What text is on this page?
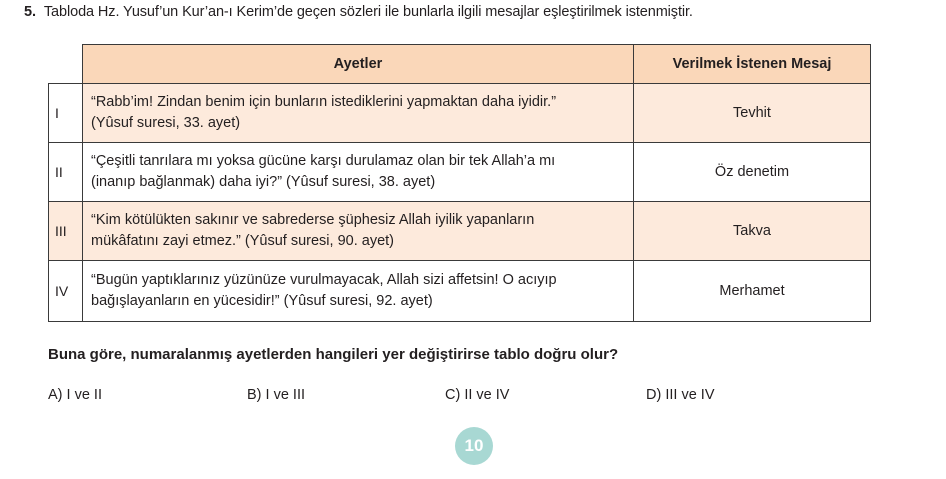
5. Tabloda Hz. Yusuf’un Kur’an-ı Kerim’de geçen sözleri ile bunlarla ilgili mesajlar eşleştirilmek istenmiştir.
	Ayetler	Verilmek İstenen Mesaj
I	“Rabb’im! Zindan benim için bunların istediklerini yapmaktan daha iyidir.”
(Yûsuf suresi, 33. ayet)	Tevhit
II	“Çeşitli tanrılara mı yoksa gücüne karşı durulamaz olan bir tek Allah’a mı
(inanıp bağlanmak) daha iyi?” (Yûsuf suresi, 38. ayet)	Öz denetim
III	“Kim kötülükten sakınır ve sabrederse şüphesiz Allah iyilik yapanların
mükâfatını zayi etmez.” (Yûsuf suresi, 90. ayet)	Takva
IV	“Bugün yaptıklarınız yüzünüze vurulmayacak, Allah sizi affetsin! O acıyıp
bağışlayanların en yücesidir!” (Yûsuf suresi, 92. ayet)	Merhamet
Buna göre, numaralanmış ayetlerden hangileri yer değiştirirse tablo doğru olur?
A) I ve II	B) I ve III	C) II ve IV	D) III ve IV
10
